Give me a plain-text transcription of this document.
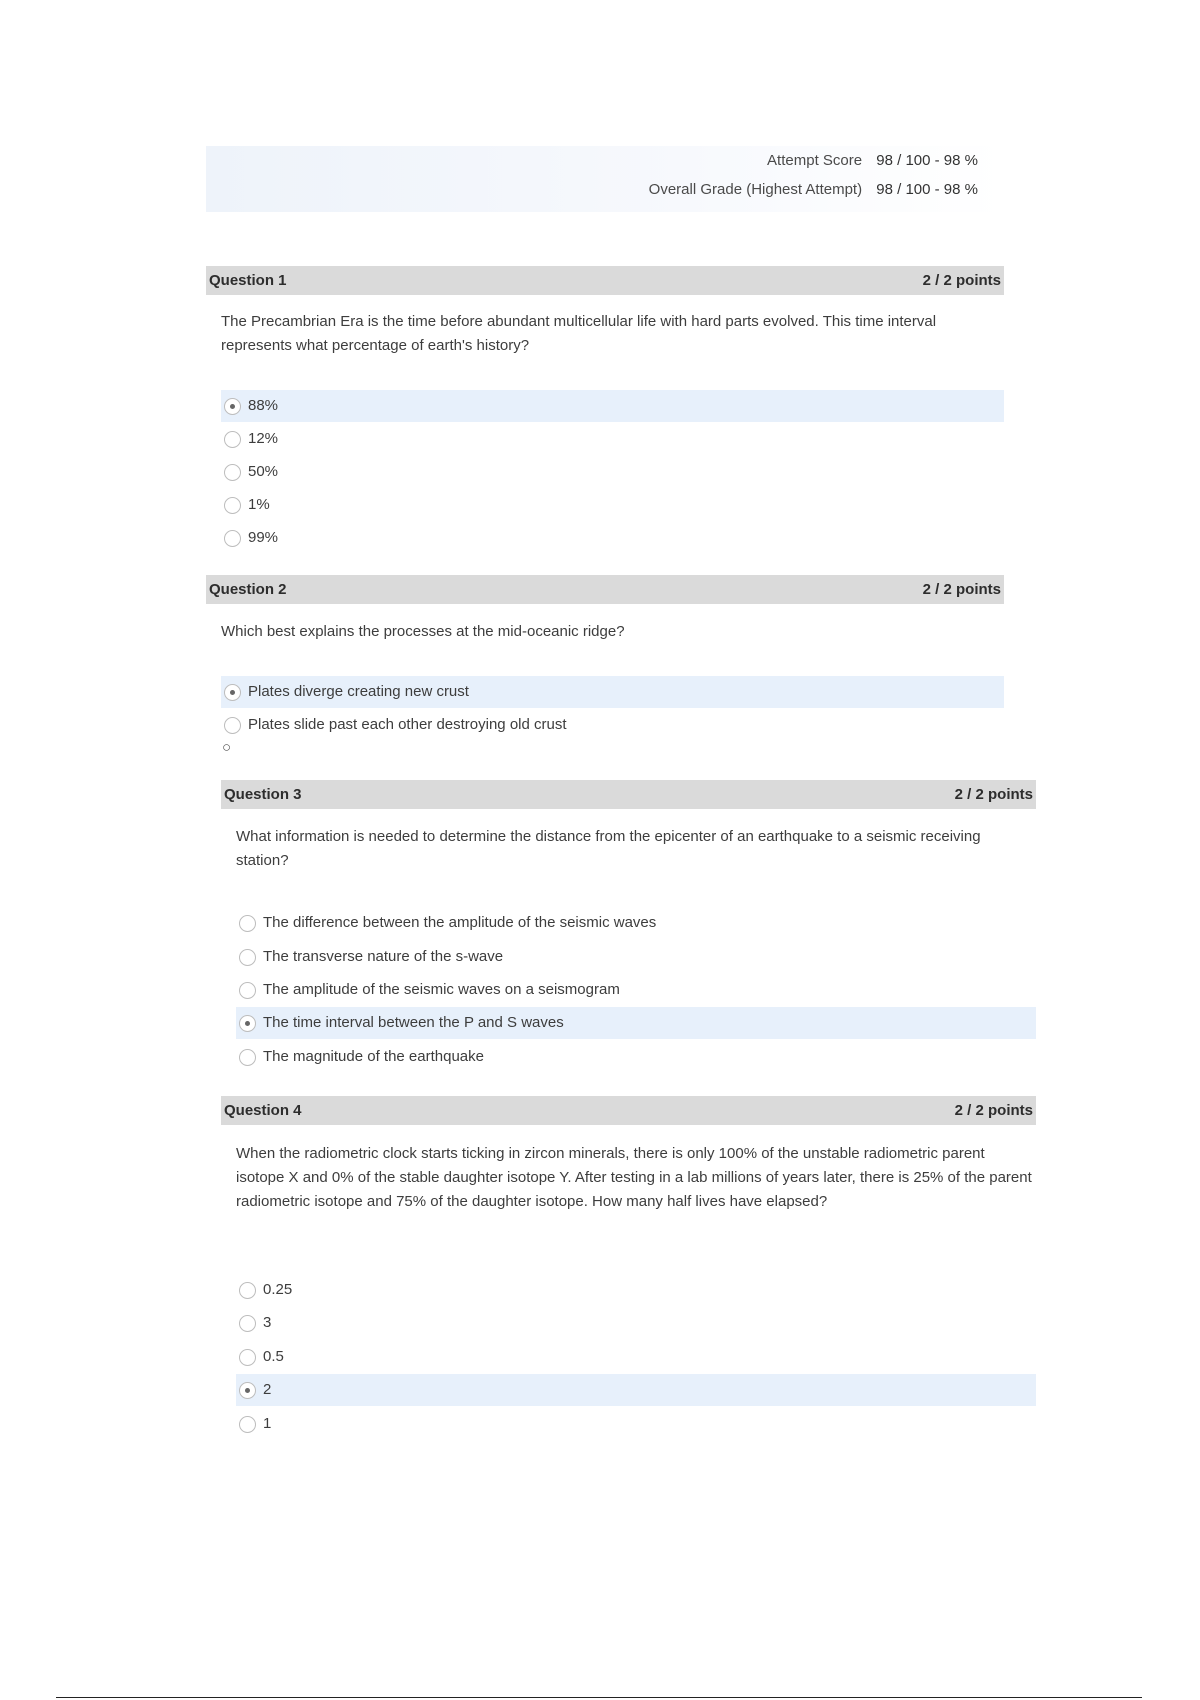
Attempt Score 98 / 100 - 98 %
Overall Grade (Highest Attempt) 98 / 100 - 98 %
Question 1	2 / 2 points
The Precambrian Era is the time before abundant multicellular life with hard parts evolved. This time interval represents what percentage of earth's history?
88%
12%
50%
1%
99%
Question 2	2 / 2 points
Which best explains the processes at the mid-oceanic ridge?
Plates diverge creating new crust
Plates slide past each other destroying old crust
○
Question 3	2 / 2 points
What information is needed to determine the distance from the epicenter of an earthquake to a seismic receiving station?
The difference between the amplitude of the seismic waves
The transverse nature of the s-wave
The amplitude of the seismic waves on a seismogram
The time interval between the P and S waves
The magnitude of the earthquake
Question 4	2 / 2 points
When the radiometric clock starts ticking in zircon minerals, there is only 100% of the unstable radiometric parent isotope X and 0% of the stable daughter isotope Y. After testing in a lab millions of years later, there is 25% of the parent radiometric isotope and 75% of the daughter isotope. How many half lives have elapsed?
0.25
3
0.5
2
1
